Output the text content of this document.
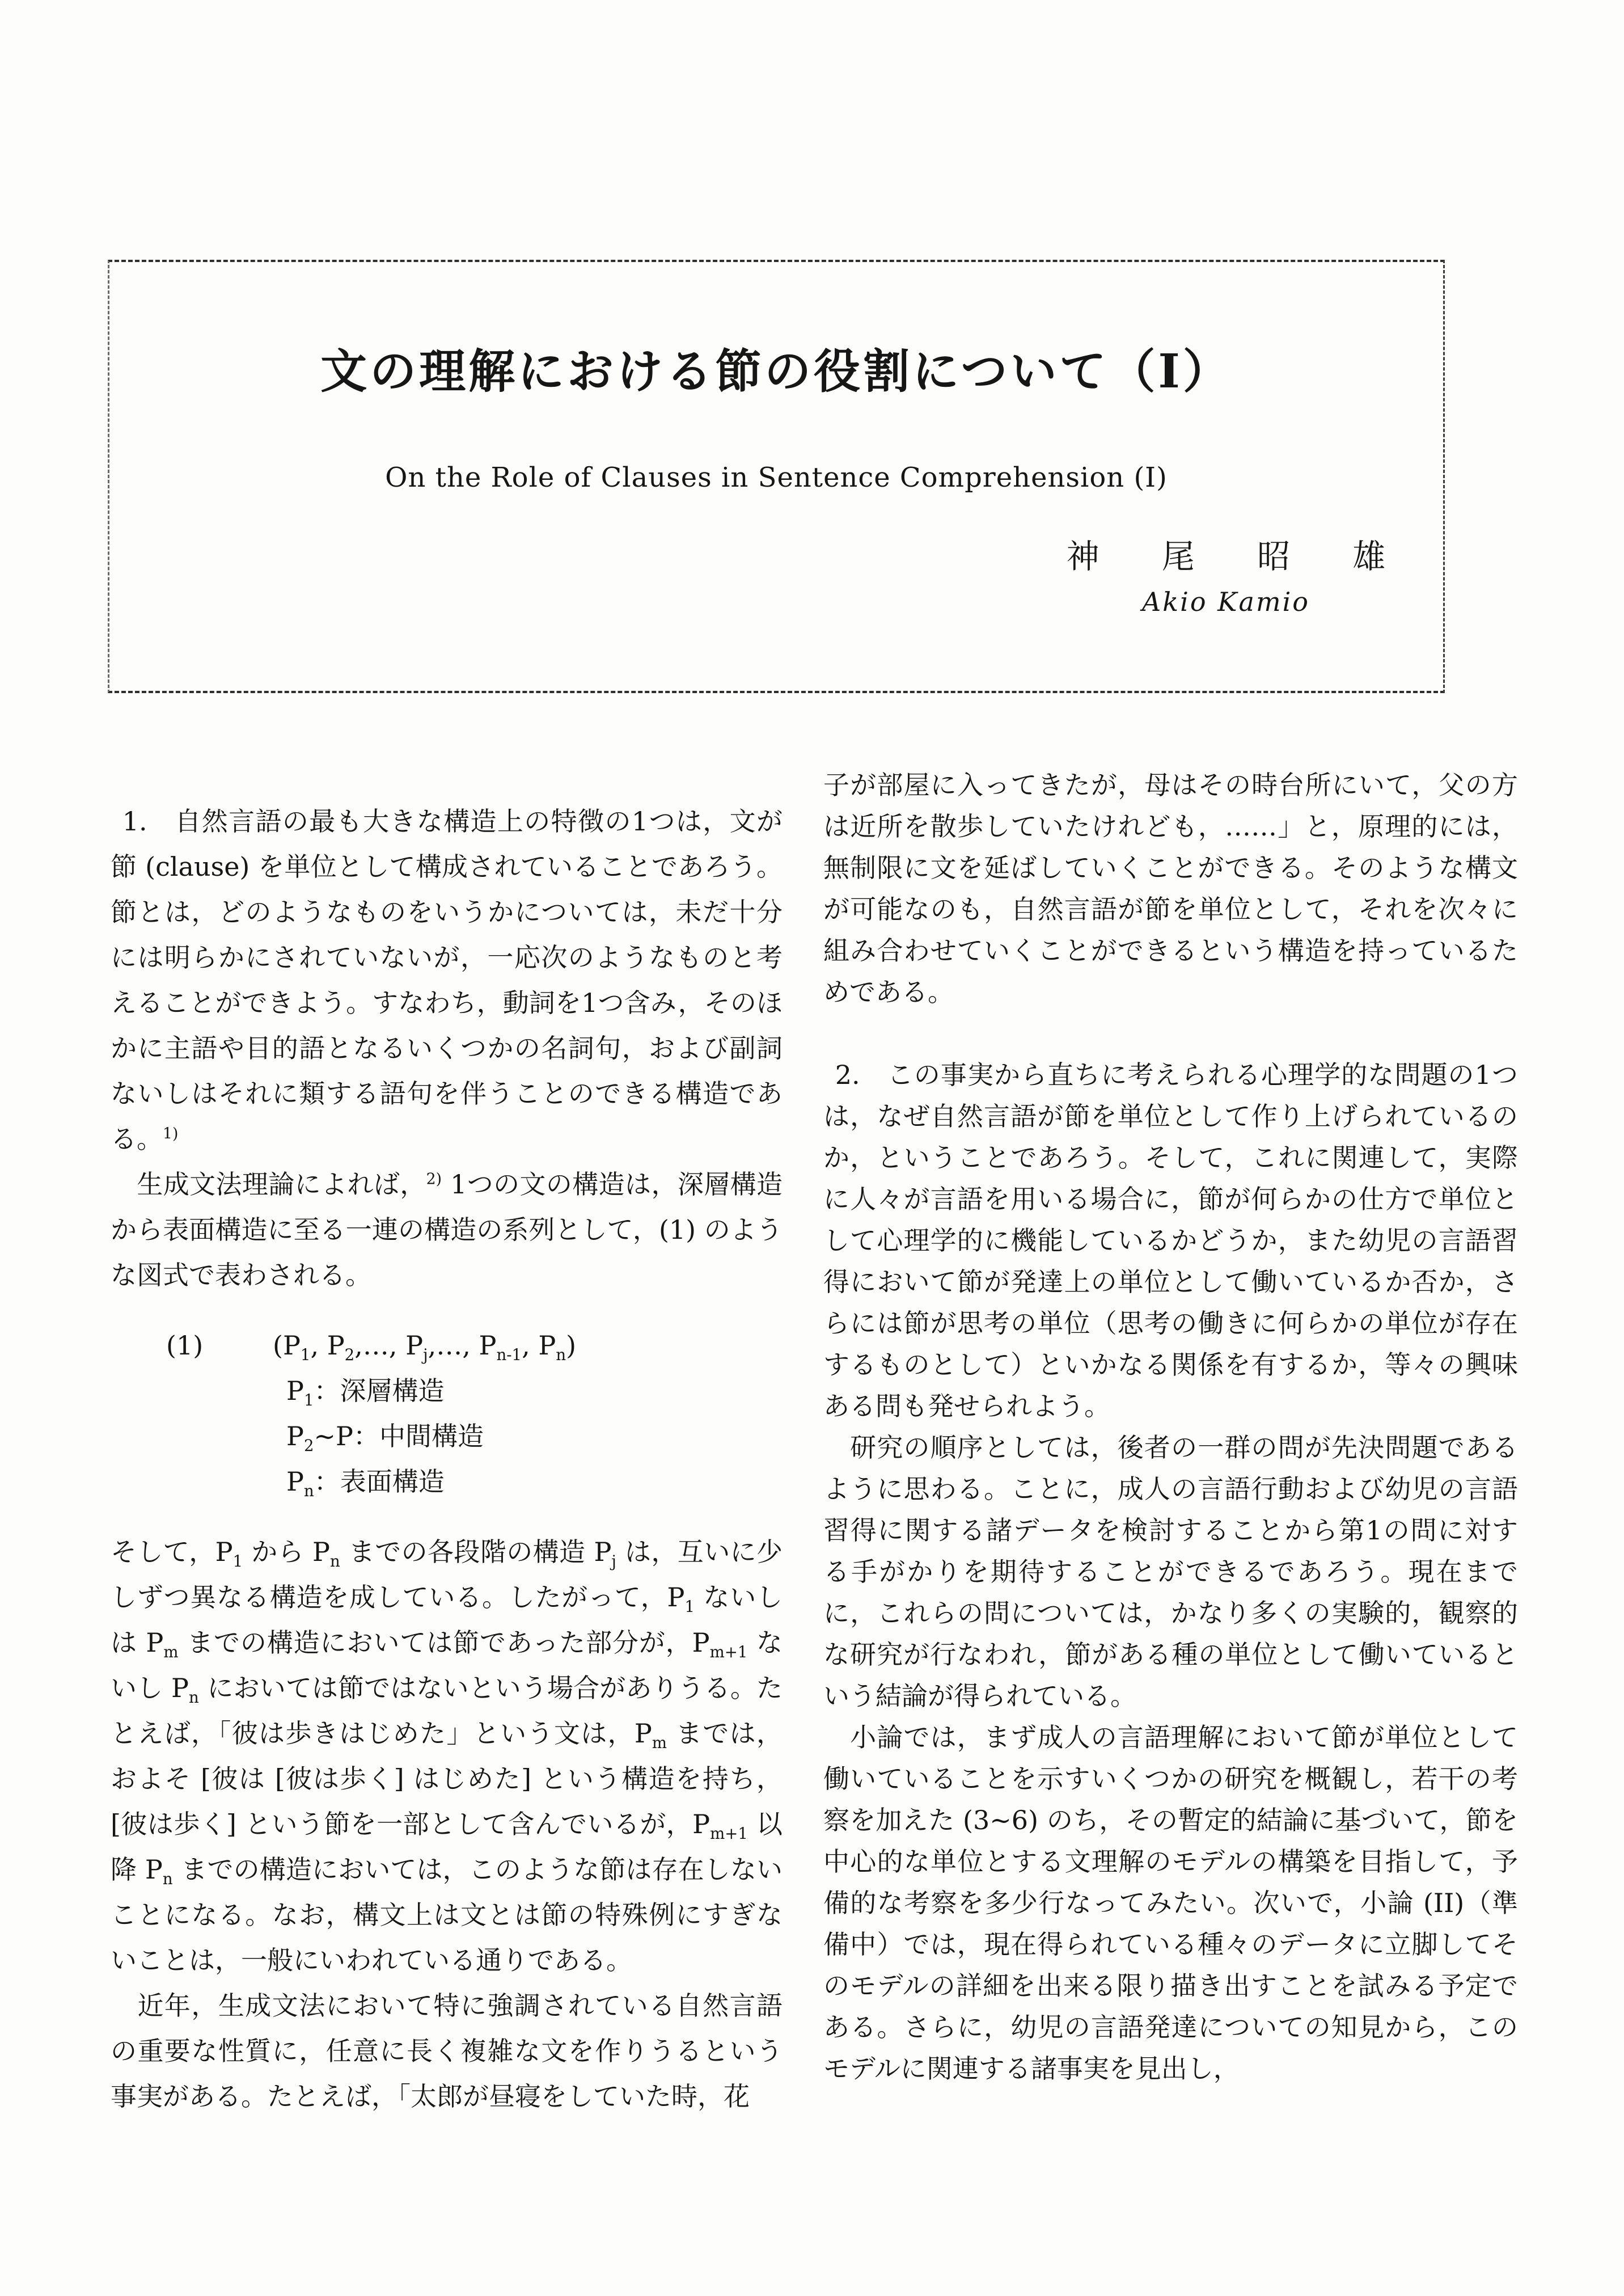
文の理解における節の役割について（I）
On the Role of Clauses in Sentence Comprehension (I)
神　尾　昭　雄
Akio Kamio

1.　自然言語の最も大きな構造上の特徴の1つは，文が節 (clause) を単位として構成されていることであろう。節とは，どのようなものをいうかについては，未だ十分には明らかにされていないが，一応次のようなものと考えることができよう。すなわち，動詞を1つ含み，そのほかに主語や目的語となるいくつかの名詞句，および副詞ないしはそれに類する語句を伴うことのできる構造である。$^{1)}$

　生成文法理論によれば，$^{2)}$ 1つの文の構造は，深層構造から表面構造に至る一連の構造の系列として，(1) のような図式で表わされる。

(1)	($P_1$, $P_2,\dots$, $P_j,\dots$, $P_{n-1}$, $P_n$)
$P_1$：深層構造
$P_2\sim P$：中間構造
$P_n$：表面構造

そして，$P_1$ から $P_n$ までの各段階の構造 $P_j$ は，互いに少しずつ異なる構造を成している。したがって，$P_1$ ないしは $P_m$ までの構造においては節であった部分が，$P_{m+1}$ ないし $P_n$ においては節ではないという場合がありうる。たとえば，「彼は歩きはじめた」という文は，$P_m$ までは，およそ [彼は [彼は歩く] はじめた] という構造を持ち，[彼は歩く] という節を一部として含んでいるが，$P_{m+1}$ 以降 $P_n$ までの構造においては，このような節は存在しないことになる。なお，構文上は文とは節の特殊例にすぎないことは，一般にいわれている通りである。

　近年，生成文法において特に強調されている自然言語の重要な性質に，任意に長く複雑な文を作りうるという事実がある。たとえば，「太郎が昼寝をしていた時，花

子が部屋に入ってきたが，母はその時台所にいて，父の方は近所を散歩していたけれども，……」と，原理的には，無制限に文を延ばしていくことができる。そのような構文が可能なのも，自然言語が節を単位として，それを次々に組み合わせていくことができるという構造を持っているためである。

2.　この事実から直ちに考えられる心理学的な問題の1つは，なぜ自然言語が節を単位として作り上げられているのか，ということであろう。そして，これに関連して，実際に人々が言語を用いる場合に，節が何らかの仕方で単位として心理学的に機能しているかどうか，また幼児の言語習得において節が発達上の単位として働いているか否か，さらには節が思考の単位（思考の働きに何らかの単位が存在するものとして）といかなる関係を有するか，等々の興味ある問も発せられよう。

　研究の順序としては，後者の一群の問が先決問題であるように思わる。ことに，成人の言語行動および幼児の言語習得に関する諸データを検討することから第1の問に対する手がかりを期待することができるであろう。現在までに，これらの問については，かなり多くの実験的，観察的な研究が行なわれ，節がある種の単位として働いているという結論が得られている。

　小論では，まず成人の言語理解において節が単位として働いていることを示すいくつかの研究を概観し，若干の考察を加えた (3~6) のち，その暫定的結論に基づいて，節を中心的な単位とする文理解のモデルの構築を目指して，予備的な考察を多少行なってみたい。次いで，小論 (II)（準備中）では，現在得られている種々のデータに立脚してそのモデルの詳細を出来る限り描き出すことを試みる予定である。さらに，幼児の言語発達についての知見から，このモデルに関連する諸事実を見出し，
